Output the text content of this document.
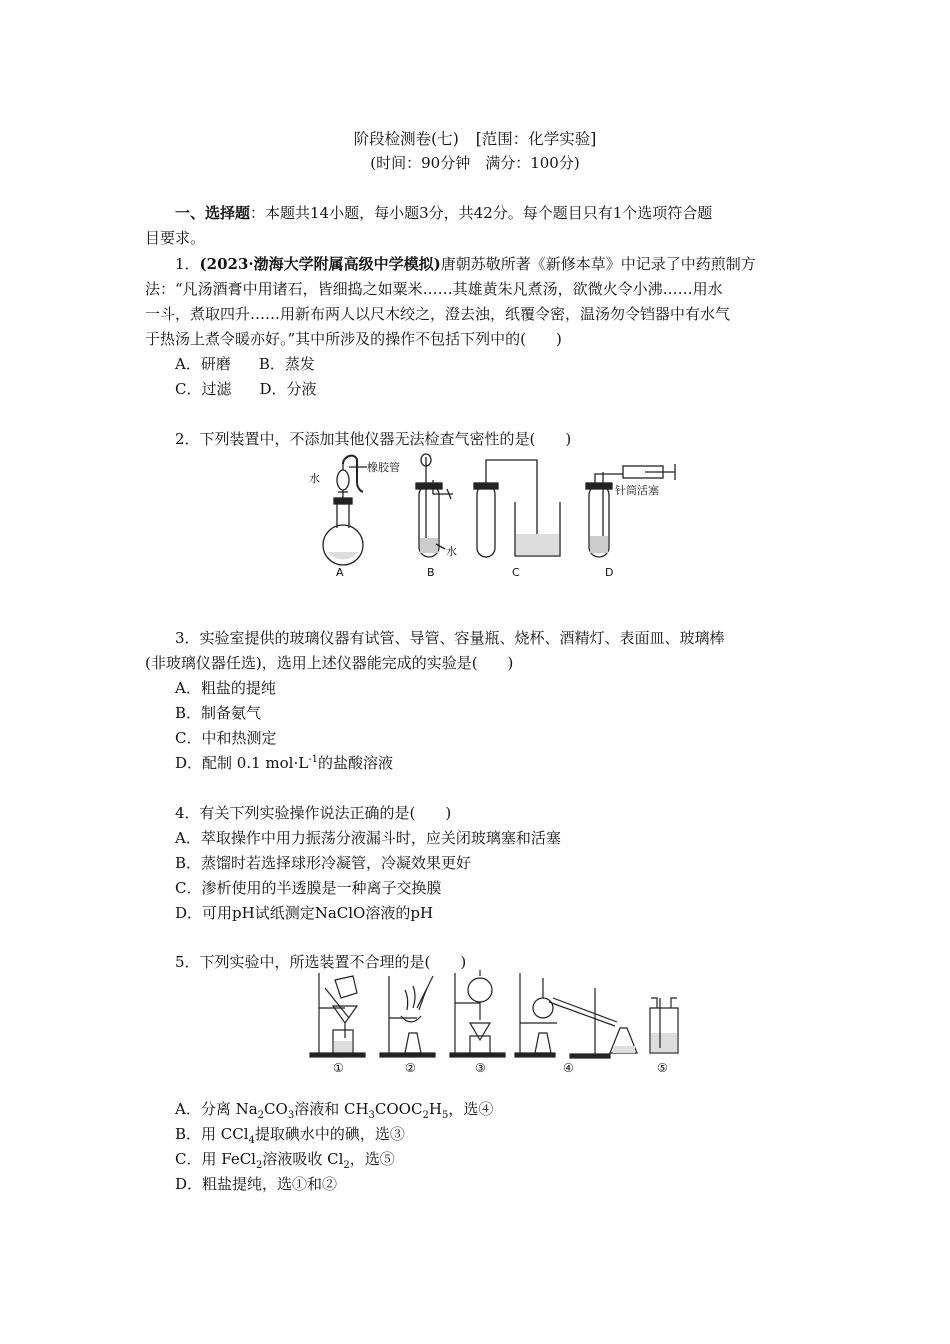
阶段检测卷(七) [范围：化学实验]
(时间：90分钟　满分：100分)
一、选择题：本题共14小题，每小题3分，共42分。每个题目只有1个选项符合题
目要求。
1．(2023·渤海大学附属高级中学模拟)唐朝苏敬所著《新修本草》中记录了中药煎制方
法：“凡汤酒膏中用诸石，皆细捣之如粟米……其雄黄朱凡煮汤，欲微火令小沸……用水
一斗，煮取四升……用新布两人以尺木绞之，澄去浊，纸覆令密，温汤勿令铛器中有水气
于热汤上煮令暖亦好。”其中所涉及的操作不包括下列中的(　　)
A．研磨 B．蒸发
C．过滤 D．分液
2．下列装置中，不添加其他仪器无法检查气密性的是(　　)
水
橡胶管
水
针筒活塞
A	B	C	D
3．实验室提供的玻璃仪器有试管、导管、容量瓶、烧杯、酒精灯、表面皿、玻璃棒
(非玻璃仪器任选)，选用上述仪器能完成的实验是(　　)
A．粗盐的提纯
B．制备氨气
C．中和热测定
D．配制 0.1 $mol\cdot L^{-1}$的盐酸溶液
4．有关下列实验操作说法正确的是(　　)
A．萃取操作中用力振荡分液漏斗时，应关闭玻璃塞和活塞
B．蒸馏时若选择球形冷凝管，冷凝效果更好
C．渗析使用的半透膜是一种离子交换膜
D．可用pH试纸测定NaClO溶液的pH
5．下列实验中，所选装置不合理的是(　　)
①	②	③	④	⑤
A．分离 $Na_2CO_3$溶液和 $CH_3COOC_2H_5$，选④
B．用 CCl$_4$提取碘水中的碘，选③
C．用 FeCl$_2$溶液吸收 $Cl_2$，选⑤
D．粗盐提纯，选①和②
